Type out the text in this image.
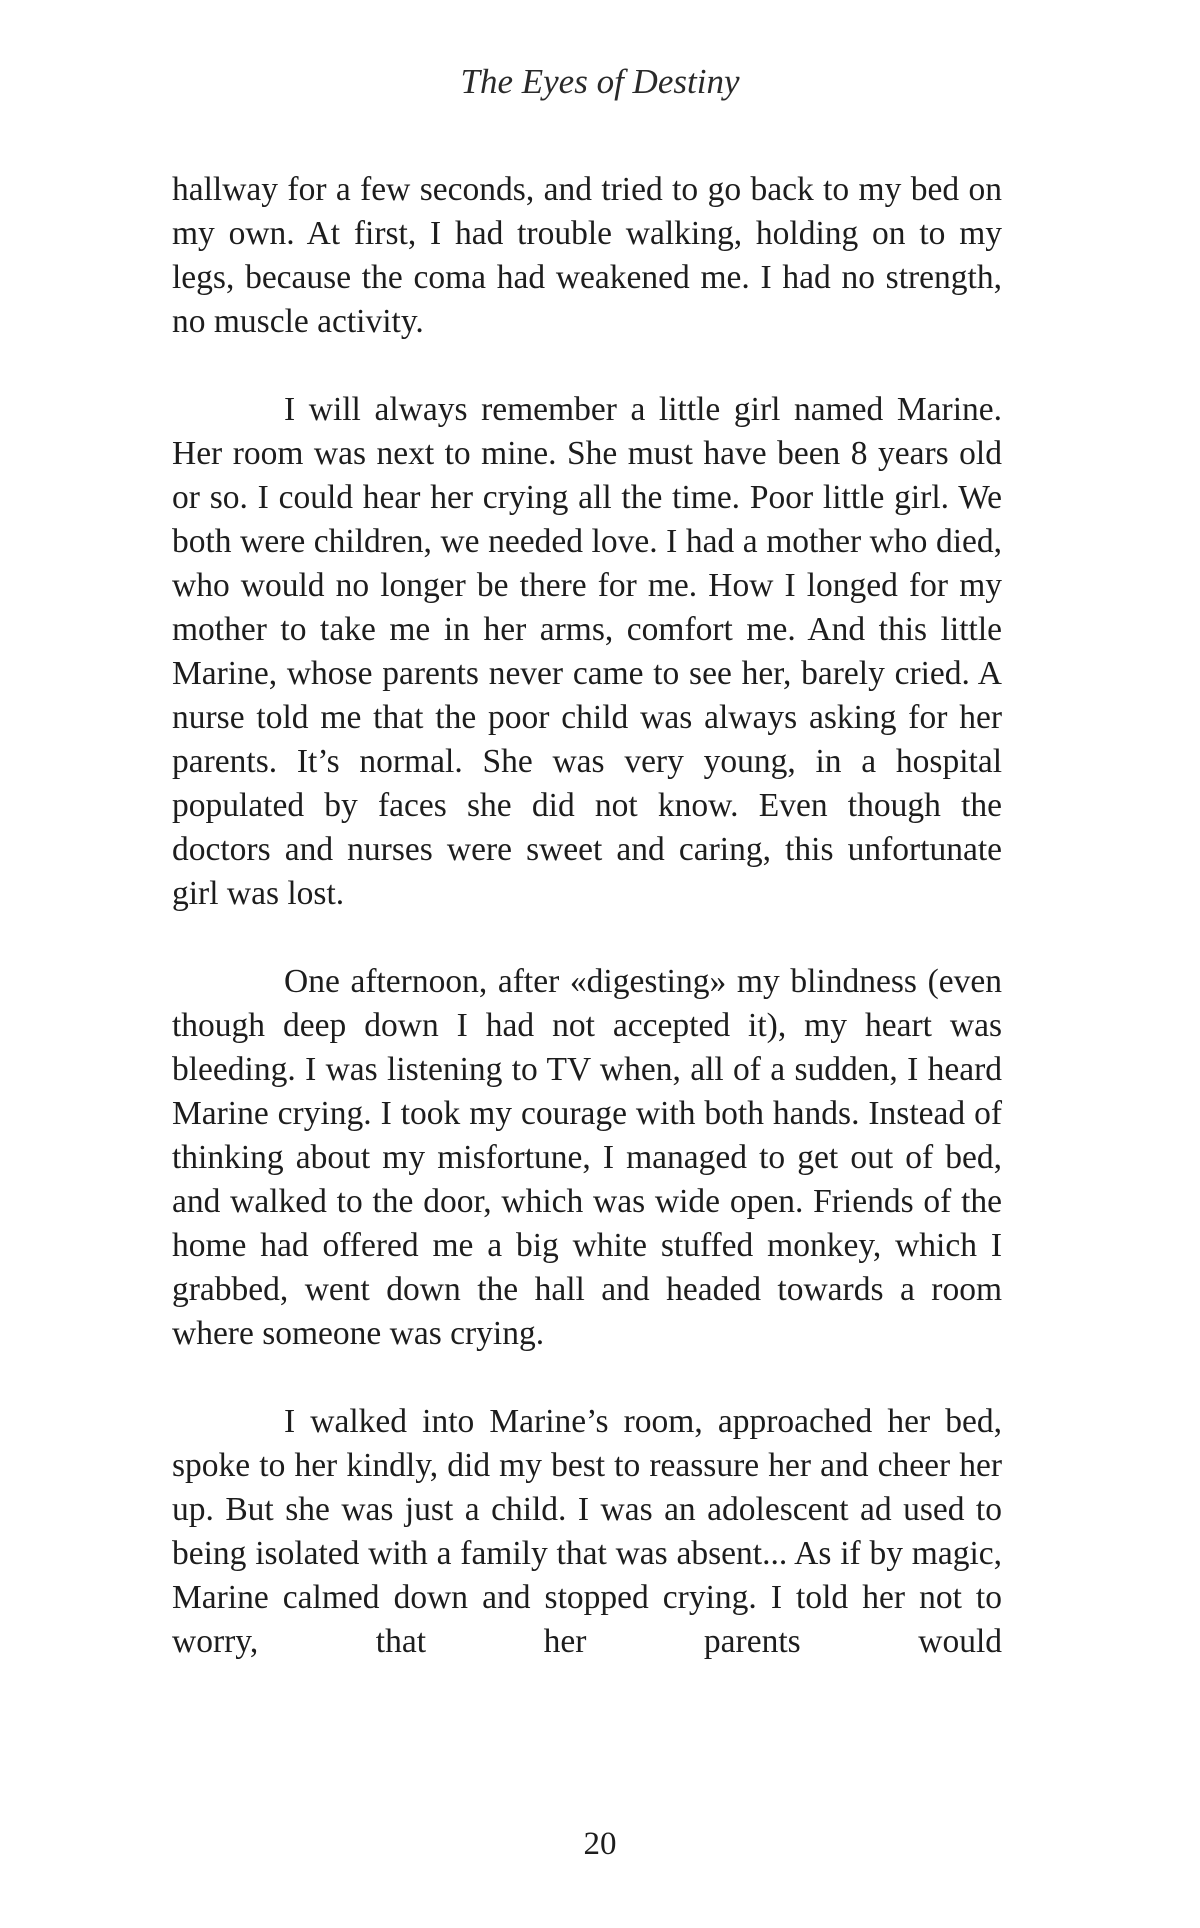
The Eyes of Destiny

hallway for a few seconds, and tried to go back to my bed on my own. At first, I had trouble walking, holding on to my legs, because the coma had weakened me. I had no strength, no muscle activity.

I will always remember a little girl named Marine. Her room was next to mine. She must have been 8 years old or so. I could hear her crying all the time. Poor little girl. We both were children, we needed love. I had a mother who died, who would no longer be there for me. How I longed for my mother to take me in her arms, comfort me. And this little Marine, whose parents never came to see her, barely cried. A nurse told me that the poor child was always asking for her parents. It’s normal. She was very young, in a hospital populated by faces she did not know. Even though the doctors and nurses were sweet and caring, this unfortunate girl was lost.

One afternoon, after «digesting» my blindness (even though deep down I had not accepted it), my heart was bleeding. I was listening to TV when, all of a sudden, I heard Marine crying. I took my courage with both hands. Instead of thinking about my misfortune, I managed to get out of bed, and walked to the door, which was wide open. Friends of the home had offered me a big white stuffed monkey, which I grabbed, went down the hall and headed towards a room where someone was crying.

I walked into Marine’s room, approached her bed, spoke to her kindly, did my best to reassure her and cheer her up. But she was just a child. I was an adolescent ad used to being isolated with a family that was absent... As if by magic, Marine calmed down and stopped crying. I told her not to worry, that her parents would

20
